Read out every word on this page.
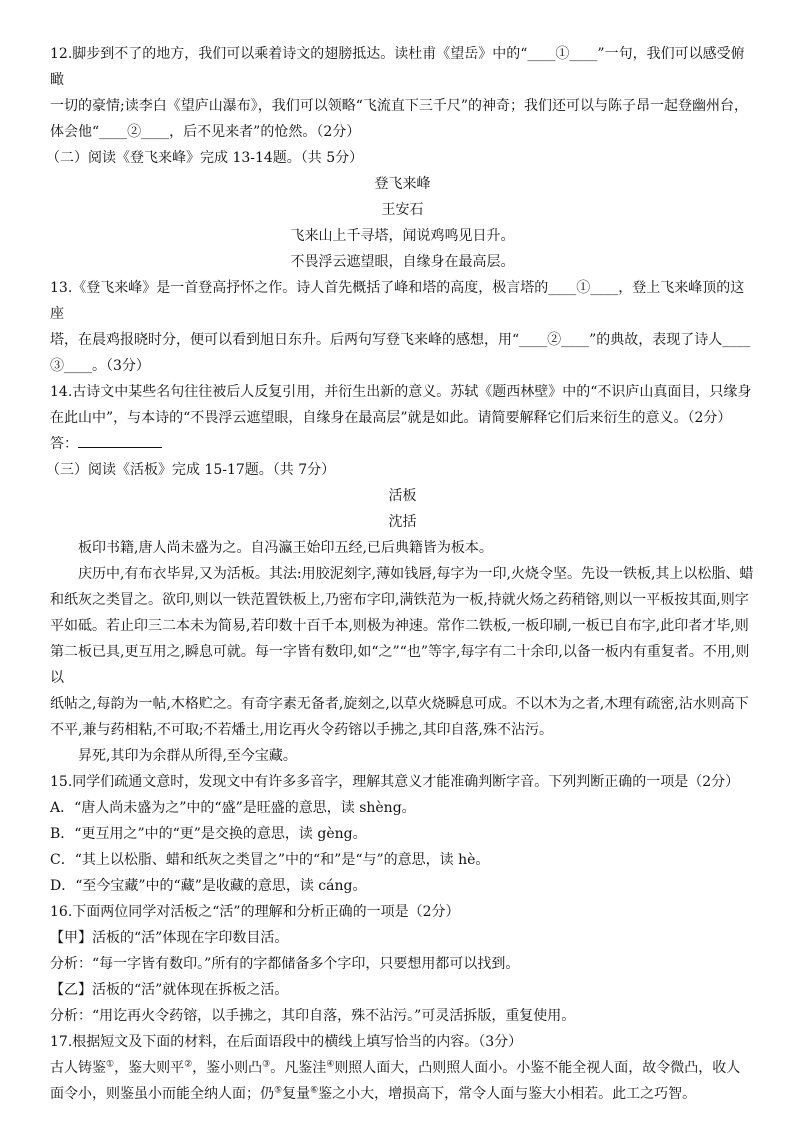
12.脚步到不了的地方，我们可以乘着诗文的翅膀抵达。读杜甫《望岳》中的“____①____”一句，我们可以感受俯瞰

一切的豪情;读李白《望庐山瀑布》，我们可以领略“飞流直下三千尺”的神奇；我们还可以与陈子昂一起登幽州台，

体会他“____②____，后不见来者”的怆然。（2分）

（二）阅读《登飞来峰》完成 13-14题。（共 5分）

登飞来峰

王安石

飞来山上千寻塔，闻说鸡鸣见日升。

不畏浮云遮望眼，自缘身在最高层。

13.《登飞来峰》是一首登高抒怀之作。诗人首先概括了峰和塔的高度，极言塔的____①____，登上飞来峰顶的这座

塔，在晨鸡报晓时分，便可以看到旭日东升。后两句写登飞来峰的感想，用“____②____”的典故，表现了诗人____

③____。（3分）

14.古诗文中某些名句往往被后人反复引用，并衍生出新的意义。苏轼《题西林壁》中的“不识庐山真面目，只缘身

在此山中”，与本诗的“不畏浮云遮望眼，自缘身在最高层”就是如此。请简要解释它们后来衍生的意义。（2分）

答：

（三）阅读《活板》完成 15-17题。（共 7分）

活板

沈括

板印书籍,唐人尚未盛为之。自冯瀛王始印五经,已后典籍皆为板本。

庆历中,有布衣毕昇,又为活板。其法:用胶泥刻字,薄如钱唇,每字为一印,火烧令坚。先设一铁板,其上以松脂、蜡

和纸灰之类冒之。欲印,则以一铁范置铁板上,乃密布字印,满铁范为一板,持就火炀之药稍镕,则以一平板按其面,则字

平如砥。若止印三二本未为简易,若印数十百千本,则极为神速。常作二铁板,一板印刷,一板已自布字,此印者才毕,则

第二板已具,更互用之,瞬息可就。每一字皆有数印,如“之”“也”等字,每字有二十余印,以备一板内有重复者。不用,则以

纸帖之,每韵为一帖,木格贮之。有奇字素无备者,旋刻之,以草火烧瞬息可成。不以木为之者,木理有疏密,沾水则高下

不平,兼与药相粘,不可取;不若燔土,用讫再火令药镕以手拂之,其印自落,殊不沾污。

昇死,其印为余群从所得,至今宝藏。

15.同学们疏通文意时，发现文中有许多多音字，理解其意义才能准确判断字音。下列判断正确的一项是（2分）

A．“唐人尚未盛为之”中的“盛”是旺盛的意思，读 shèng。

B．“更互用之”中的“更”是交换的意思，读 gèng。

C．“其上以松脂、蜡和纸灰之类冒之”中的“和”是“与”的意思，读 hè。

D．“至今宝藏”中的“藏”是收藏的意思，读 cáng。

16.下面两位同学对活板之“活”的理解和分析正确的一项是（2分）

【甲】活板的“活”体现在字印数目活。

分析：“每一字皆有数印。”所有的字都储备多个字印，只要想用都可以找到。

【乙】活板的“活”就体现在拆板之活。

分析：“用讫再火令药镕，以手拂之，其印自落，殊不沾污。”可灵活拆版，重复使用。

17.根据短文及下面的材料，在后面语段中的横线上填写恰当的内容。（3分）

古人铸鉴①，鉴大则平②，鉴小则凸③。凡鉴洼④则照人面大，凸则照人面小。小鉴不能全视人面，故令微凸，收人

面令小，则鉴虽小而能全纳人面；仍⑤复量⑥鉴之小大，增损高下，常令人面与鉴大小相若。此工之巧智。
